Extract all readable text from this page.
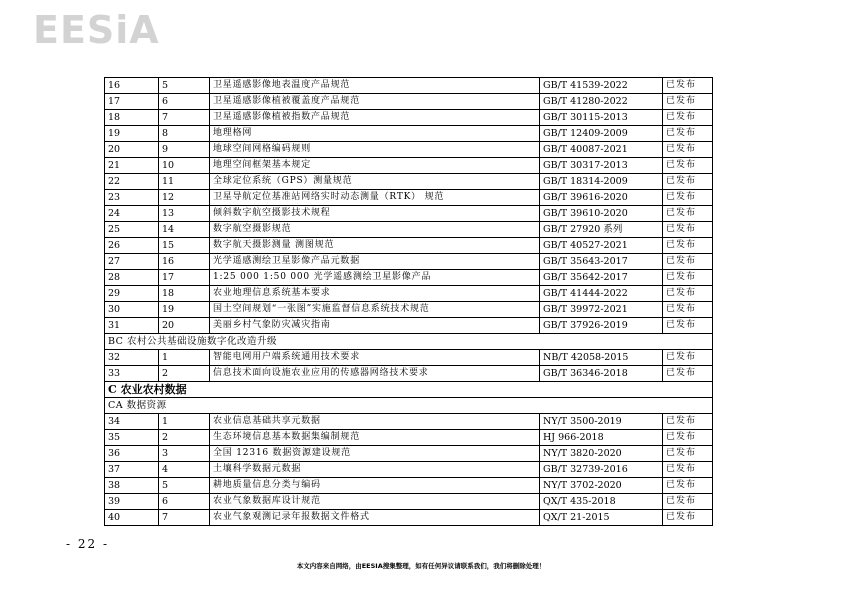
EESiA
16	5	卫星遥感影像地表温度产品规范	GB/T 41539-2022	已发布
17	6	卫星遥感影像植被覆盖度产品规范	GB/T 41280-2022	已发布
18	7	卫星遥感影像植被指数产品规范	GB/T 30115-2013	已发布
19	8	地理格网	GB/T 12409-2009	已发布
20	9	地球空间网格编码规则	GB/T 40087-2021	已发布
21	10	地理空间框架基本规定	GB/T 30317-2013	已发布
22	11	全球定位系统（GPS）测量规范	GB/T 18314-2009	已发布
23	12	卫星导航定位基准站网络实时动态测量（RTK） 规范	GB/T 39616-2020	已发布
24	13	倾斜数字航空摄影技术规程	GB/T 39610-2020	已发布
25	14	数字航空摄影规范	GB/T 27920 系列	已发布
26	15	数字航天摄影测量 测图规范	GB/T 40527-2021	已发布
27	16	光学遥感测绘卫星影像产品元数据	GB/T 35643-2017	已发布
28	17	1:25 000 1:50 000 光学遥感测绘卫星影像产品	GB/T 35642-2017	已发布
29	18	农业地理信息系统基本要求	GB/T 41444-2022	已发布
30	19	国土空间规划“一张图”实施监督信息系统技术规范	GB/T 39972-2021	已发布
31	20	美丽乡村气象防灾减灾指南	GB/T 37926-2019	已发布
BC 农村公共基础设施数字化改造升级				
32	1	智能电网用户端系统通用技术要求	NB/T 42058-2015	已发布
33	2	信息技术面向设施农业应用的传感器网络技术要求	GB/T 36346-2018	已发布
C 农业农村数据				
CA 数据资源				
34	1	农业信息基础共享元数据	NY/T 3500-2019	已发布
35	2	生态环境信息基本数据集编制规范	HJ 966-2018	已发布
36	3	全国 12316 数据资源建设规范	NY/T 3820-2020	已发布
37	4	土壤科学数据元数据	GB/T 32739-2016	已发布
38	5	耕地质量信息分类与编码	NY/T 3702-2020	已发布
39	6	农业气象数据库设计规范	QX/T 435-2018	已发布
40	7	农业气象观测记录年报数据文件格式	QX/T 21-2015	已发布
- 22 -
本文内容来自网络，由EESIA搜集整理，如有任何异议请联系我们，我们将删除处理！
